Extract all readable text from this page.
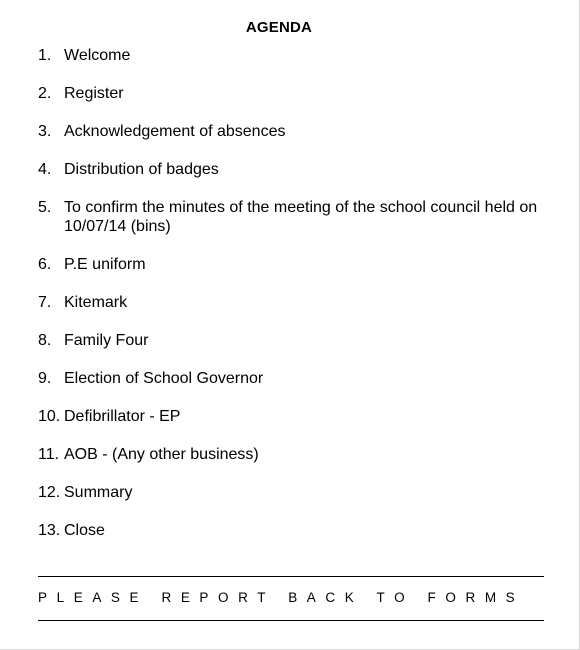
AGENDA
1. Welcome
2. Register
3. Acknowledgement of absences
4. Distribution of badges
5. To confirm the minutes of the meeting of the school council held on 10/07/14 (bins)
6. P.E uniform
7. Kitemark
8. Family Four
9. Election of School Governor
10. Defibrillator - EP
11. AOB - (Any other business)
12. Summary
13. Close
PLEASE REPORT BACK TO FORMS
